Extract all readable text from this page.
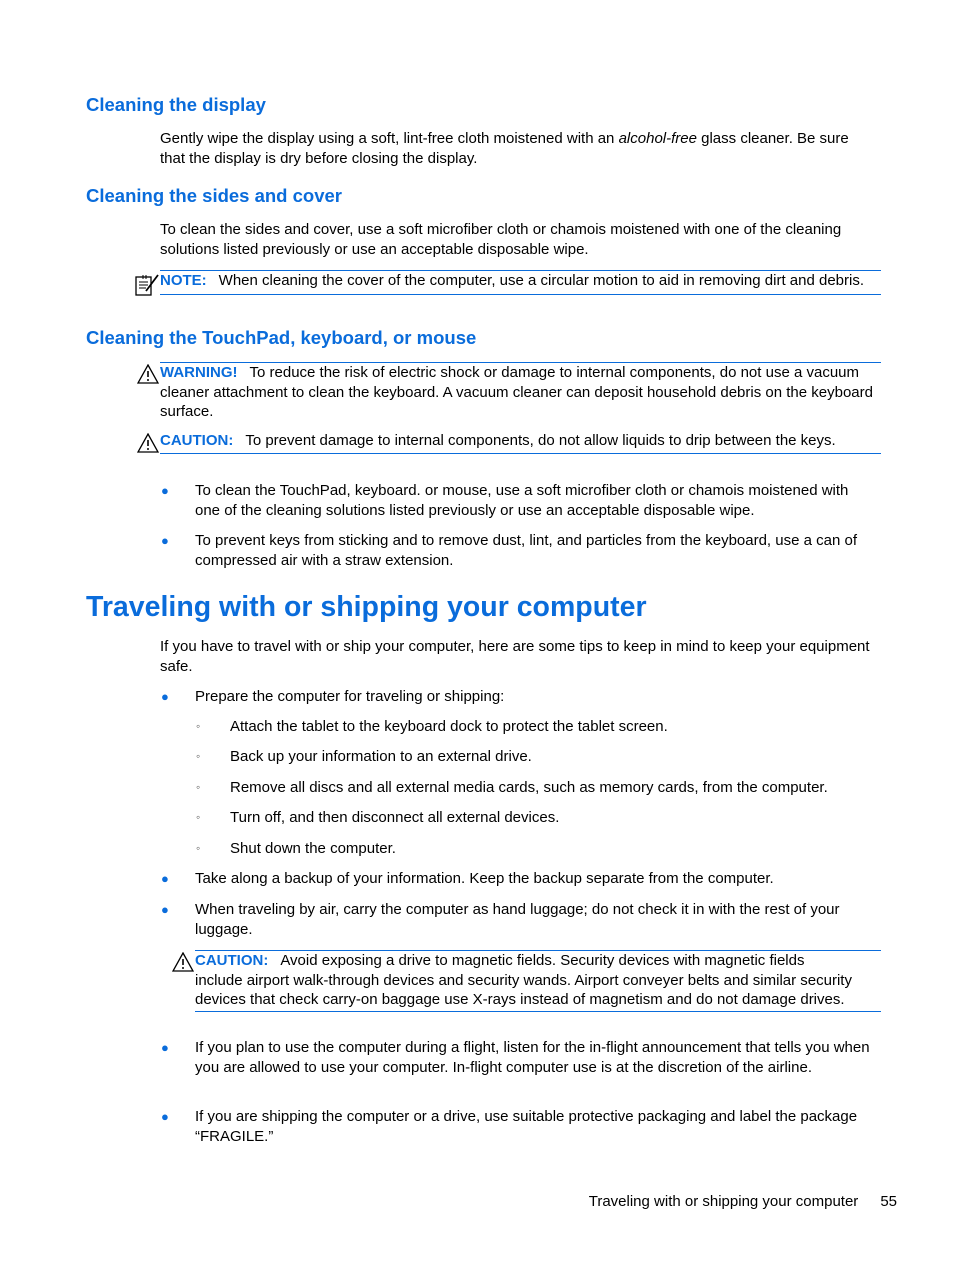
Cleaning the display

Gently wipe the display using a soft, lint-free cloth moistened with an alcohol-free glass cleaner. Be sure that the display is dry before closing the display.

Cleaning the sides and cover

To clean the sides and cover, use a soft microfiber cloth or chamois moistened with one of the cleaning solutions listed previously or use an acceptable disposable wipe.

NOTE: When cleaning the cover of the computer, use a circular motion to aid in removing dirt and debris.

Cleaning the TouchPad, keyboard, or mouse

WARNING! To reduce the risk of electric shock or damage to internal components, do not use a vacuum cleaner attachment to clean the keyboard. A vacuum cleaner can deposit household debris on the keyboard surface.

CAUTION: To prevent damage to internal components, do not allow liquids to drip between the keys.

● To clean the TouchPad, keyboard. or mouse, use a soft microfiber cloth or chamois moistened with one of the cleaning solutions listed previously or use an acceptable disposable wipe.

● To prevent keys from sticking and to remove dust, lint, and particles from the keyboard, use a can of compressed air with a straw extension.

Traveling with or shipping your computer

If you have to travel with or ship your computer, here are some tips to keep in mind to keep your equipment safe.

● Prepare the computer for traveling or shipping:

◦ Attach the tablet to the keyboard dock to protect the tablet screen.

◦ Back up your information to an external drive.

◦ Remove all discs and all external media cards, such as memory cards, from the computer.

◦ Turn off, and then disconnect all external devices.

◦ Shut down the computer.

● Take along a backup of your information. Keep the backup separate from the computer.

● When traveling by air, carry the computer as hand luggage; do not check it in with the rest of your luggage.

CAUTION: Avoid exposing a drive to magnetic fields. Security devices with magnetic fields include airport walk-through devices and security wands. Airport conveyer belts and similar security devices that check carry-on baggage use X-rays instead of magnetism and do not damage drives.

● If you plan to use the computer during a flight, listen for the in-flight announcement that tells you when you are allowed to use your computer. In-flight computer use is at the discretion of the airline.

● If you are shipping the computer or a drive, use suitable protective packaging and label the package “FRAGILE.”

Traveling with or shipping your computer 55
